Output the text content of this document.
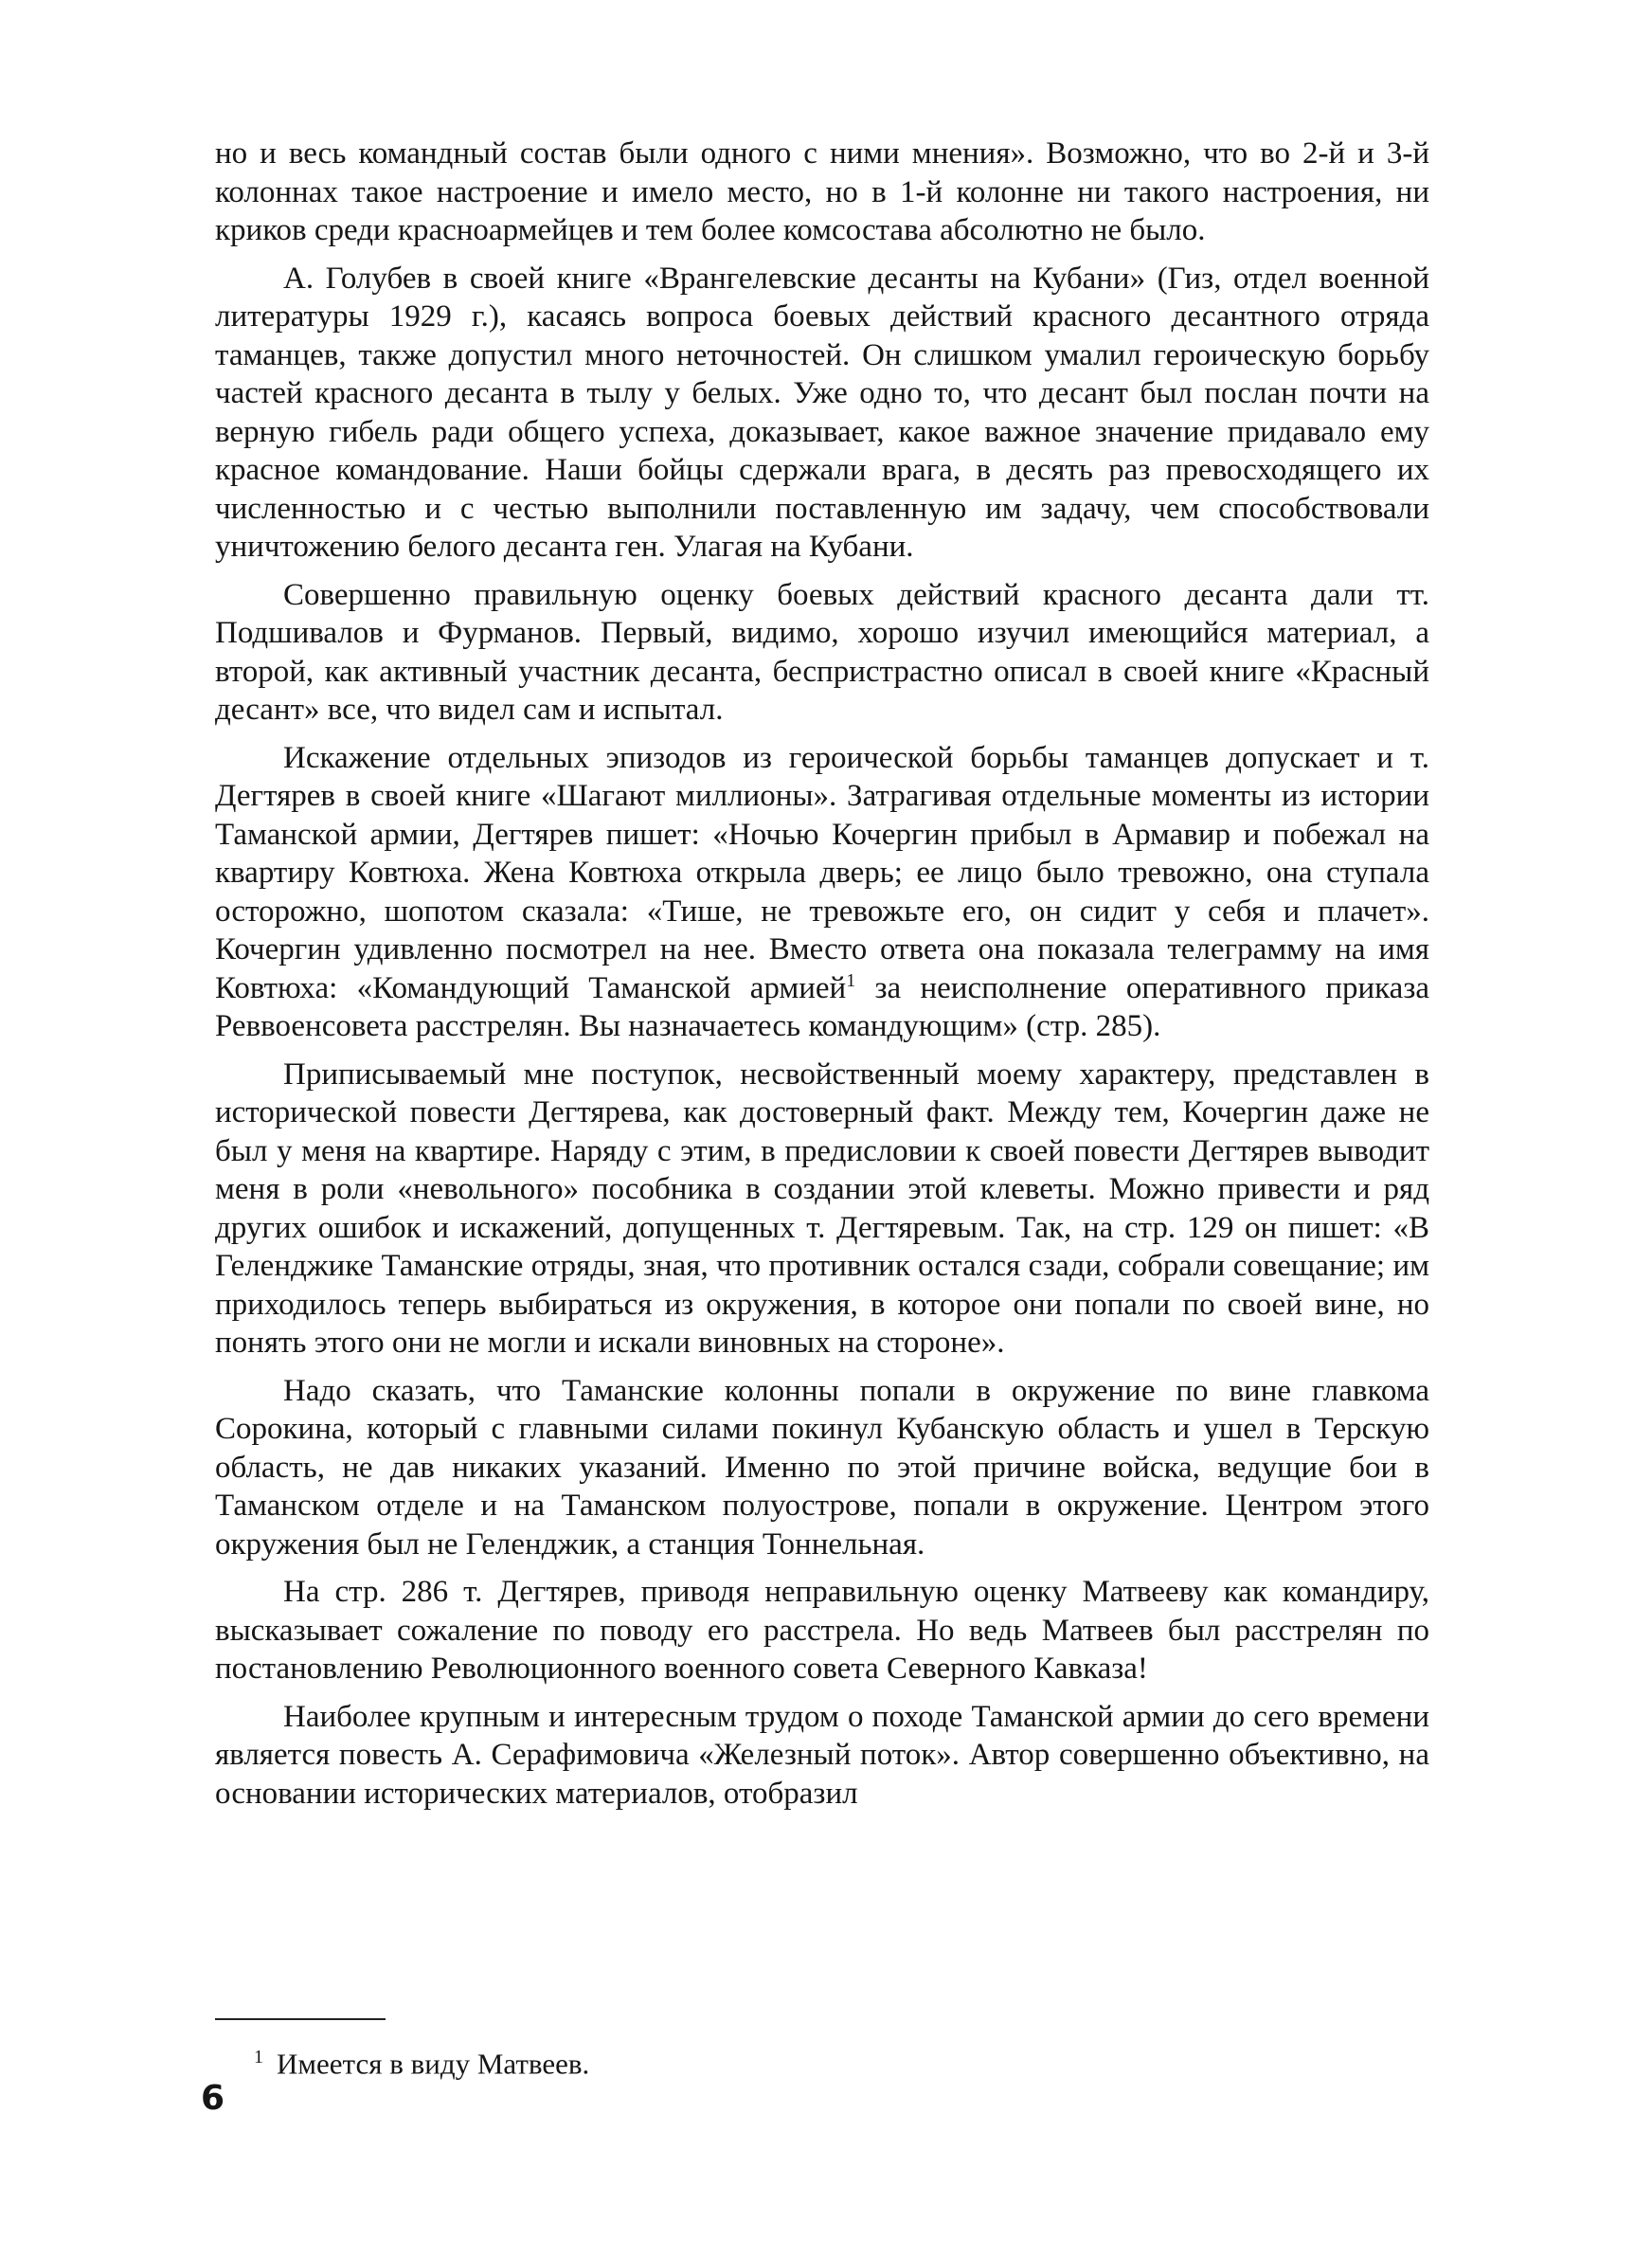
но и весь командный состав были одного с ними мнения». Возможно, что во 2-й и 3-й колоннах такое настроение и имело место, но в 1-й колонне ни такого настроения, ни криков среди красноармейцев и тем более комсостава абсолютно не было.

А. Голубев в своей книге «Врангелевские десанты на Кубани» (Гиз, отдел военной литературы 1929 г.), касаясь вопроса боевых действий красного десантного отряда таманцев, также допустил много неточностей. Он слишком умалил героическую борьбу частей красного десанта в тылу у белых. Уже одно то, что десант был послан почти на верную гибель ради общего успеха, доказывает, какое важное значение придавало ему красное командование. Наши бойцы сдержали врага, в десять раз превосходящего их численностью и с честью выполнили поставленную им задачу, чем способствовали уничтожению белого десанта ген. Улагая на Кубани.

Совершенно правильную оценку боевых действий красного десанта дали тт. Подшивалов и Фурманов. Первый, видимо, хорошо изучил имеющийся материал, а второй, как активный участник десанта, беспристрастно описал в своей книге «Красный десант» все, что видел сам и испытал.

Искажение отдельных эпизодов из героической борьбы таманцев допускает и т. Дегтярев в своей книге «Шагают миллионы». Затрагивая отдельные моменты из истории Таманской армии, Дегтярев пишет: «Ночью Кочергин прибыл в Армавир и побежал на квартиру Ковтюха. Жена Ковтюха открыла дверь; ее лицо было тревожно, она ступала осторожно, шопотом сказала: «Тише, не тревожьте его, он сидит у себя и плачет». Кочергин удивленно посмотрел на нее. Вместо ответа она показала телеграмму на имя Ковтюха: «Командующий Таманской армией$^1$ за неисполнение оперативного приказа Реввоенсовета расстрелян. Вы назначаетесь командующим» (стр. 285).

Приписываемый мне поступок, несвойственный моему характеру, представлен в исторической повести Дегтярева, как достоверный факт. Между тем, Кочергин даже не был у меня на квартире. Наряду с этим, в предисловии к своей повести Дегтярев выводит меня в роли «невольного» пособника в создании этой клеветы. Можно привести и ряд других ошибок и искажений, допущенных т. Дегтяревым. Так, на стр. 129 он пишет: «В Геленджике Таманские отряды, зная, что противник остался сзади, собрали совещание; им приходилось теперь выбираться из окружения, в которое они попали по своей вине, но понять этого они не могли и искали виновных на стороне».

Надо сказать, что Таманские колонны попали в окружение по вине главкома Сорокина, который с главными силами покинул Кубанскую область и ушел в Терскую область, не дав никаких указаний. Именно по этой причине войска, ведущие бои в Таманском отделе и на Таманском полуострове, попали в окружение. Центром этого окружения был не Геленджик, а станция Тоннельная.

На стр. 286 т. Дегтярев, приводя неправильную оценку Матвееву как командиру, высказывает сожаление по поводу его расстрела. Но ведь Матвеев был расстрелян по постановлению Революционного военного совета Северного Кавказа!

Наиболее крупным и интересным трудом о походе Таманской армии до сего времени является повесть А. Серафимовича «Железный поток». Автор совершенно объективно, на основании исторических материалов, отобразил

$^1$ Имеется в виду Матвеев.
6
